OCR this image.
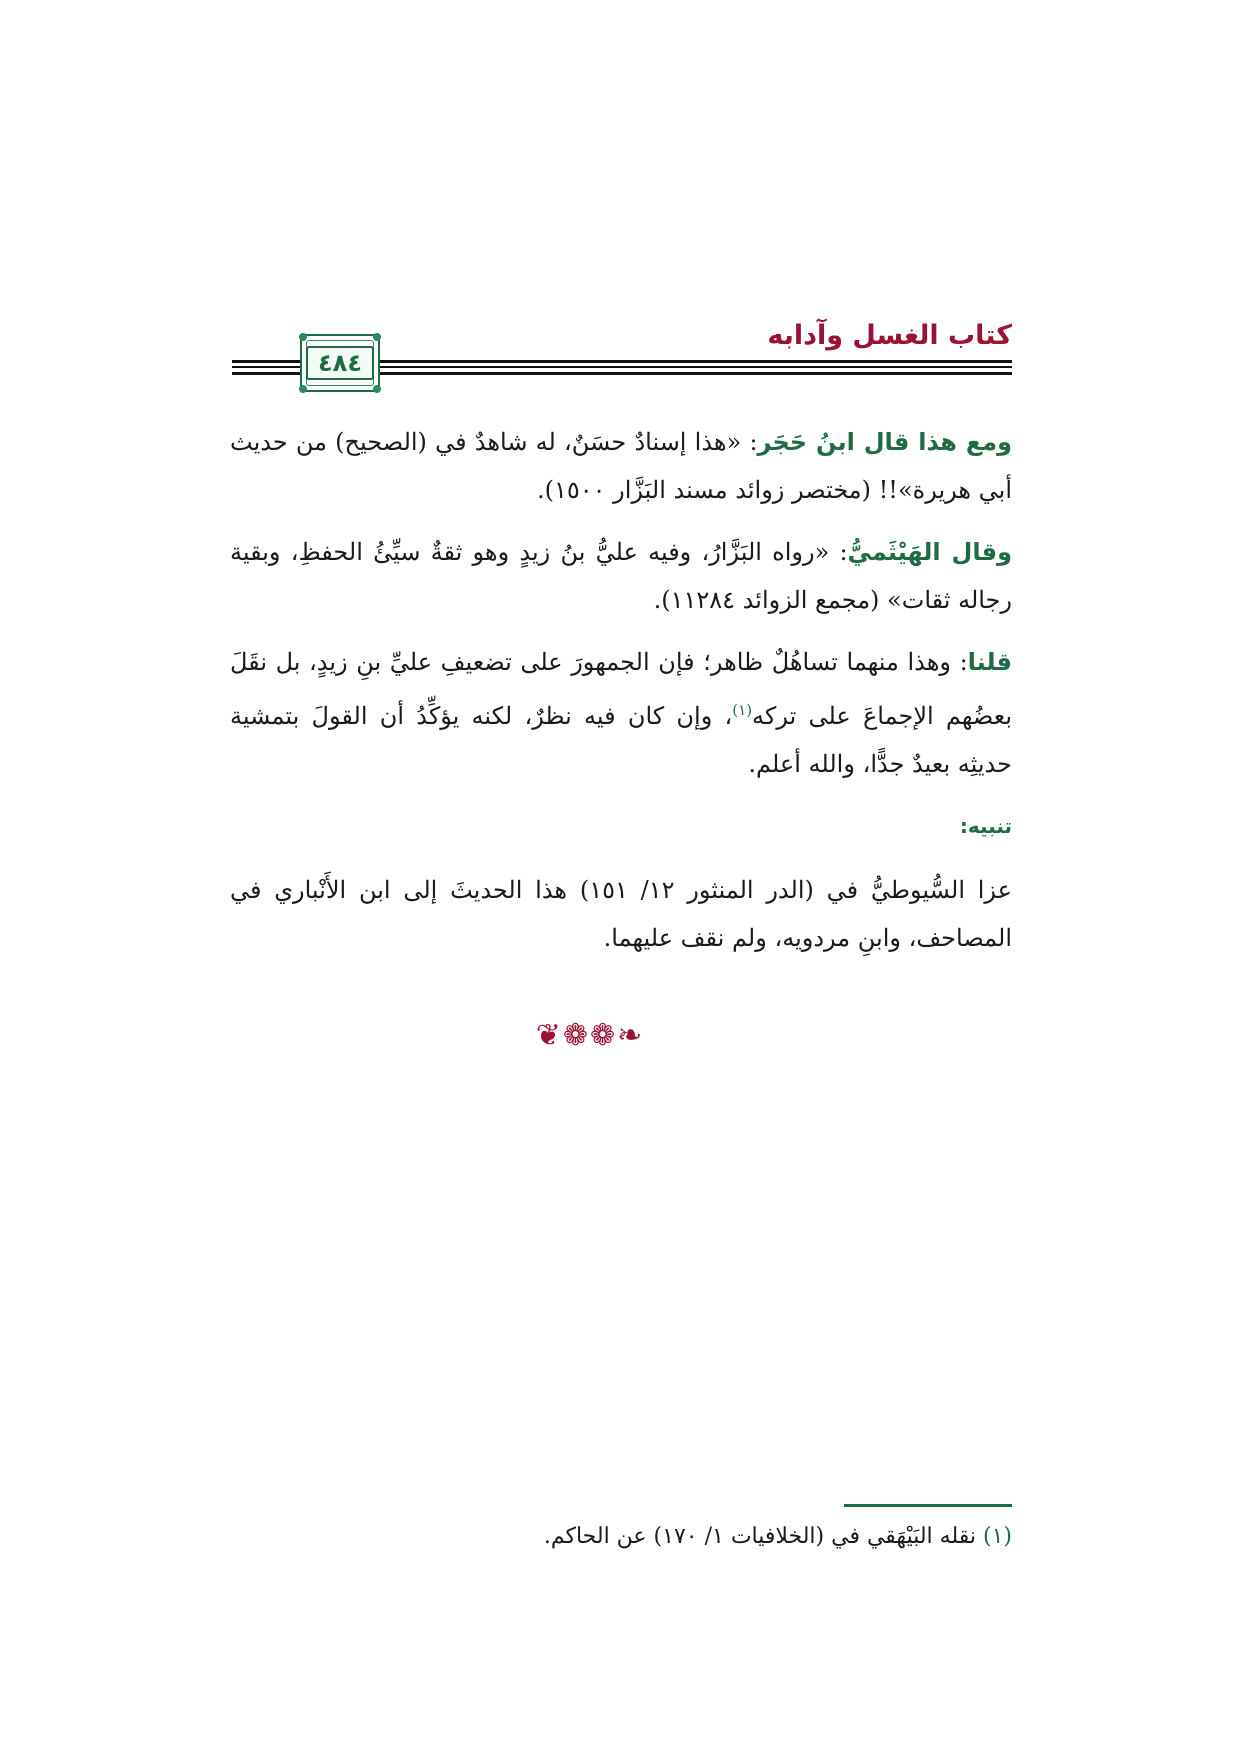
كتاب الغسل وآدابه
٤٨٤

ومع هذا قال ابنُ حَجَر: «هذا إسنادٌ حسَنٌ، له شاهدٌ في (الصحيح) من حديث أبي هريرة»!! (مختصر زوائد مسند البَزَّار ١٥٠٠).

وقال الهَيْثَميُّ: «رواه البَزَّارُ، وفيه عليُّ بنُ زيدٍ وهو ثقةٌ سيِّئُ الحفظِ، وبقية رجاله ثقات» (مجمع الزوائد ١١٢٨٤).

قلنا: وهذا منهما تساهُلٌ ظاهر؛ فإن الجمهورَ على تضعيفِ عليِّ بنِ زيدٍ، بل نقَلَ بعضُهم الإجماعَ على تركه$^{(١)}$، وإن كان فيه نظرٌ، لكنه يؤكِّدُ أن القولَ بتمشية حديثِه بعيدٌ جدًّا، والله أعلم.

تنبيه:

عزا السُّيوطيُّ في (الدر المنثور ١٢/ ١٥١) هذا الحديثَ إلى ابن الأَنْباري في المصاحف، وابنِ مردويه، ولم نقف عليهما.

❦❁❁❧
(١) نقله البَيْهَقي في (الخلافيات ١/ ١٧٠) عن الحاكم.
